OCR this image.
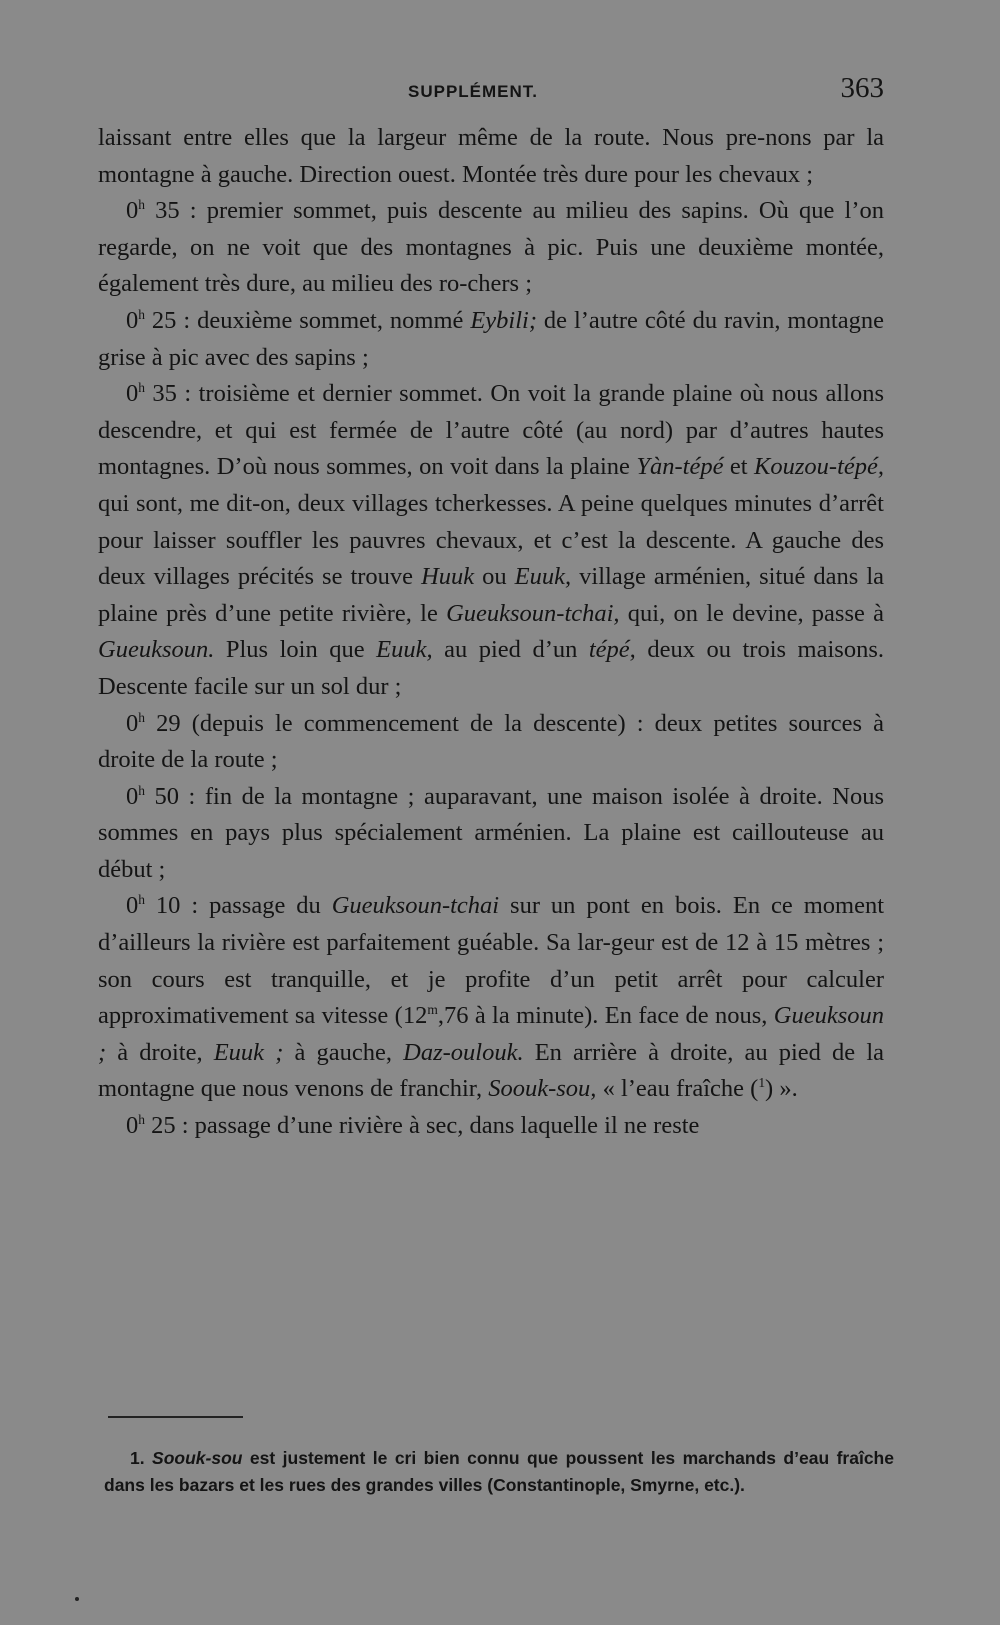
SUPPLÉMENT.	363

laissant entre elles que la largeur même de la route. Nous pre-nons par la montagne à gauche. Direction ouest. Montée très dure pour les chevaux ;

0$^h$ 35 : premier sommet, puis descente au milieu des sapins. Où que l’on regarde, on ne voit que des montagnes à pic. Puis une deuxième montée, également très dure, au milieu des ro-chers ;

0$^h$ 25 : deuxième sommet, nommé Eybili; de l’autre côté du ravin, montagne grise à pic avec des sapins ;

0$^h$ 35 : troisième et dernier sommet. On voit la grande plaine où nous allons descendre, et qui est fermée de l’autre côté (au nord) par d’autres hautes montagnes. D’où nous sommes, on voit dans la plaine Yàn-tépé et Kouzou-tépé, qui sont, me dit-on, deux villages tcherkesses. A peine quelques minutes d’arrêt pour laisser souffler les pauvres chevaux, et c’est la descente. A gauche des deux villages précités se trouve Huuk ou Euuk, village arménien, situé dans la plaine près d’une petite rivière, le Gueuksoun-tchai, qui, on le devine, passe à Gueuksoun. Plus loin que Euuk, au pied d’un tépé, deux ou trois maisons. Descente facile sur un sol dur ;

0$^h$ 29 (depuis le commencement de la descente) : deux petites sources à droite de la route ;

0$^h$ 50 : fin de la montagne ; auparavant, une maison isolée à droite. Nous sommes en pays plus spécialement arménien. La plaine est caillouteuse au début ;

0$^h$ 10 : passage du Gueuksoun-tchai sur un pont en bois. En ce moment d’ailleurs la rivière est parfaitement guéable. Sa lar-geur est de 12 à 15 mètres ; son cours est tranquille, et je profite d’un petit arrêt pour calculer approximativement sa vitesse (12$^m$,76 à la minute). En face de nous, Gueuksoun ; à droite, Euuk ; à gauche, Daz-oulouk. En arrière à droite, au pied de la montagne que nous venons de franchir, Soouk-sou, « l’eau fraîche ($^1$) ».

0$^h$ 25 : passage d’une rivière à sec, dans laquelle il ne reste

1. Soouk-sou est justement le cri bien connu que poussent les marchands d’eau fraîche dans les bazars et les rues des grandes villes (Constantinople, Smyrne, etc.).
